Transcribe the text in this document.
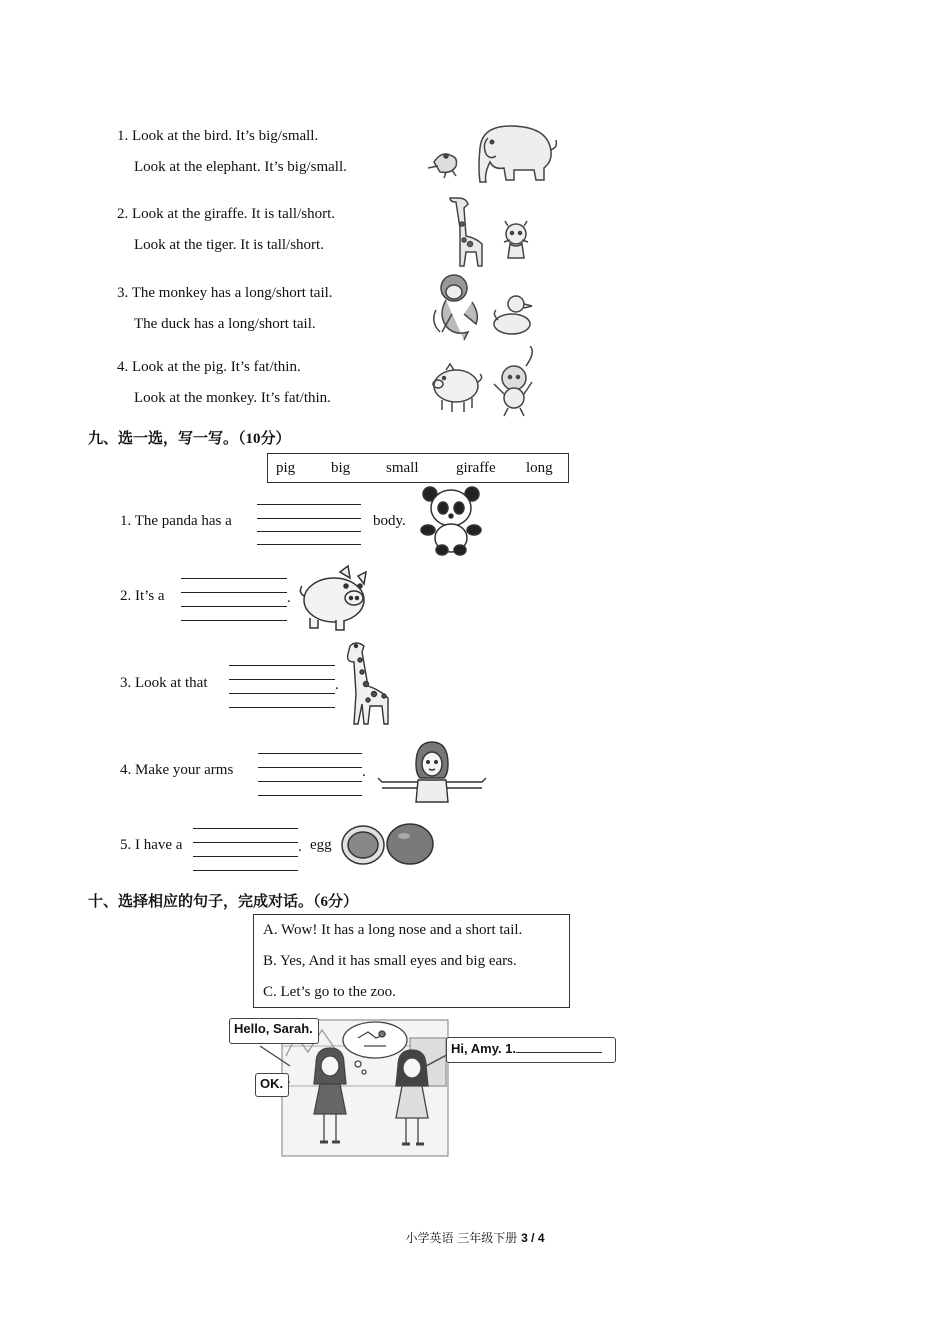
1. Look at the bird. It’s big/small.
Look at the elephant. It’s big/small.
2. Look at the giraffe. It is tall/short.
Look at the tiger. It is tall/short.
3. The monkey has a long/short tail.
The duck has a long/short tail.
4. Look at the pig. It’s fat/thin.
Look at the monkey. It’s fat/thin.
九、选一选，写一写。（10分）
pig big small	giraffe long
1. The panda has a	body.
2. It’s a	.
3. Look at that	.
4. Make your arms	.
5. I have a	. egg
十、选择相应的句子，完成对话。（6分）
A. Wow! It has a long nose and a short tail.
B. Yes, And it has small eyes and big ears.
C. Let’s go to the zoo.
Hello, Sarah.
OK.
Hi, Amy. 1.
小学英语 三年级下册 3 / 4
